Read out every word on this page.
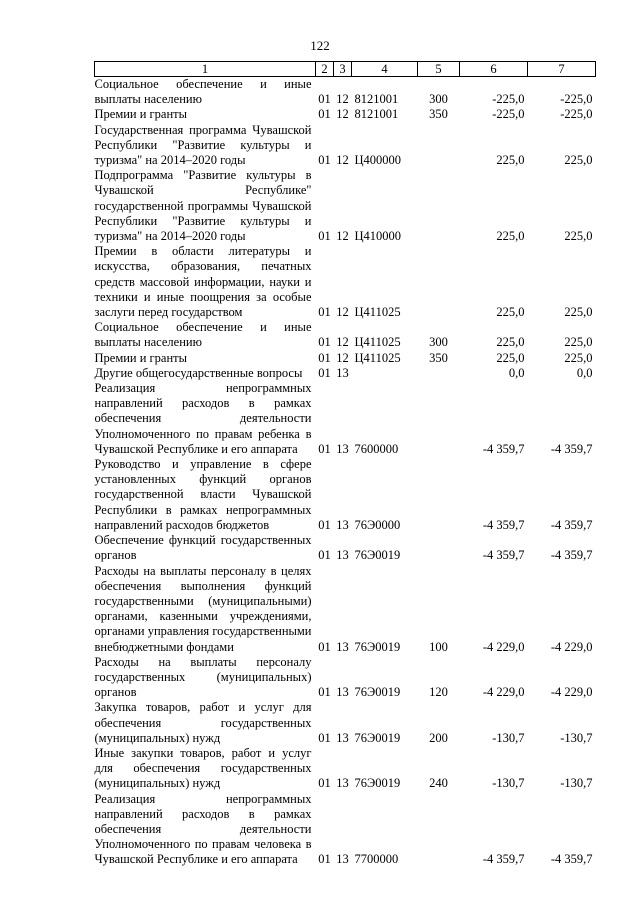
122
1	2	3	4	5	6	7
Социальное обеспечение и иные выплаты населению	01	12	8121001	300	-225,0	-225,0
Премии и гранты	01	12	8121001	350	-225,0	-225,0
Государственная программа Чувашской Республики "Развитие культуры и туризма" на 2014–2020 годы	01	12	Ц400000		225,0	225,0
Подпрограмма "Развитие культуры в Чувашской Республике" государственной программы Чувашской Республики "Развитие культуры и туризма" на 2014–2020 годы	01	12	Ц410000		225,0	225,0
Премии в области литературы и искусства, образования, печатных средств массовой информации, науки и техники и иные поощрения за особые заслуги перед государством	01	12	Ц411025		225,0	225,0
Социальное обеспечение и иные выплаты населению	01	12	Ц411025	300	225,0	225,0
Премии и гранты	01	12	Ц411025	350	225,0	225,0
Другие общегосударственные вопросы	01	13			0,0	0,0
Реализация непрограммных направлений расходов в рамках обеспечения деятельности Уполномоченного по правам ребенка в Чувашской Республике и его аппарата	01	13	7600000		-4 359,7	-4 359,7
Руководство и управление в сфере установленных функций органов государственной власти Чувашской Республики в рамках непрограммных направлений расходов бюджетов	01	13	76Э0000		-4 359,7	-4 359,7
Обеспечение функций государственных органов	01	13	76Э0019		-4 359,7	-4 359,7
Расходы на выплаты персоналу в целях обеспечения выполнения функций государственными (муниципальными) органами, казенными учреждениями, органами управления государственными внебюджетными фондами	01	13	76Э0019	100	-4 229,0	-4 229,0
Расходы на выплаты персоналу государственных (муниципальных) органов	01	13	76Э0019	120	-4 229,0	-4 229,0
Закупка товаров, работ и услуг для обеспечения государственных (муниципальных) нужд	01	13	76Э0019	200	-130,7	-130,7
Иные закупки товаров, работ и услуг для обеспечения государственных (муниципальных) нужд	01	13	76Э0019	240	-130,7	-130,7
Реализация непрограммных направлений расходов в рамках обеспечения деятельности Уполномоченного по правам человека в Чувашской Республике и его аппарата	01	13	7700000		-4 359,7	-4 359,7
